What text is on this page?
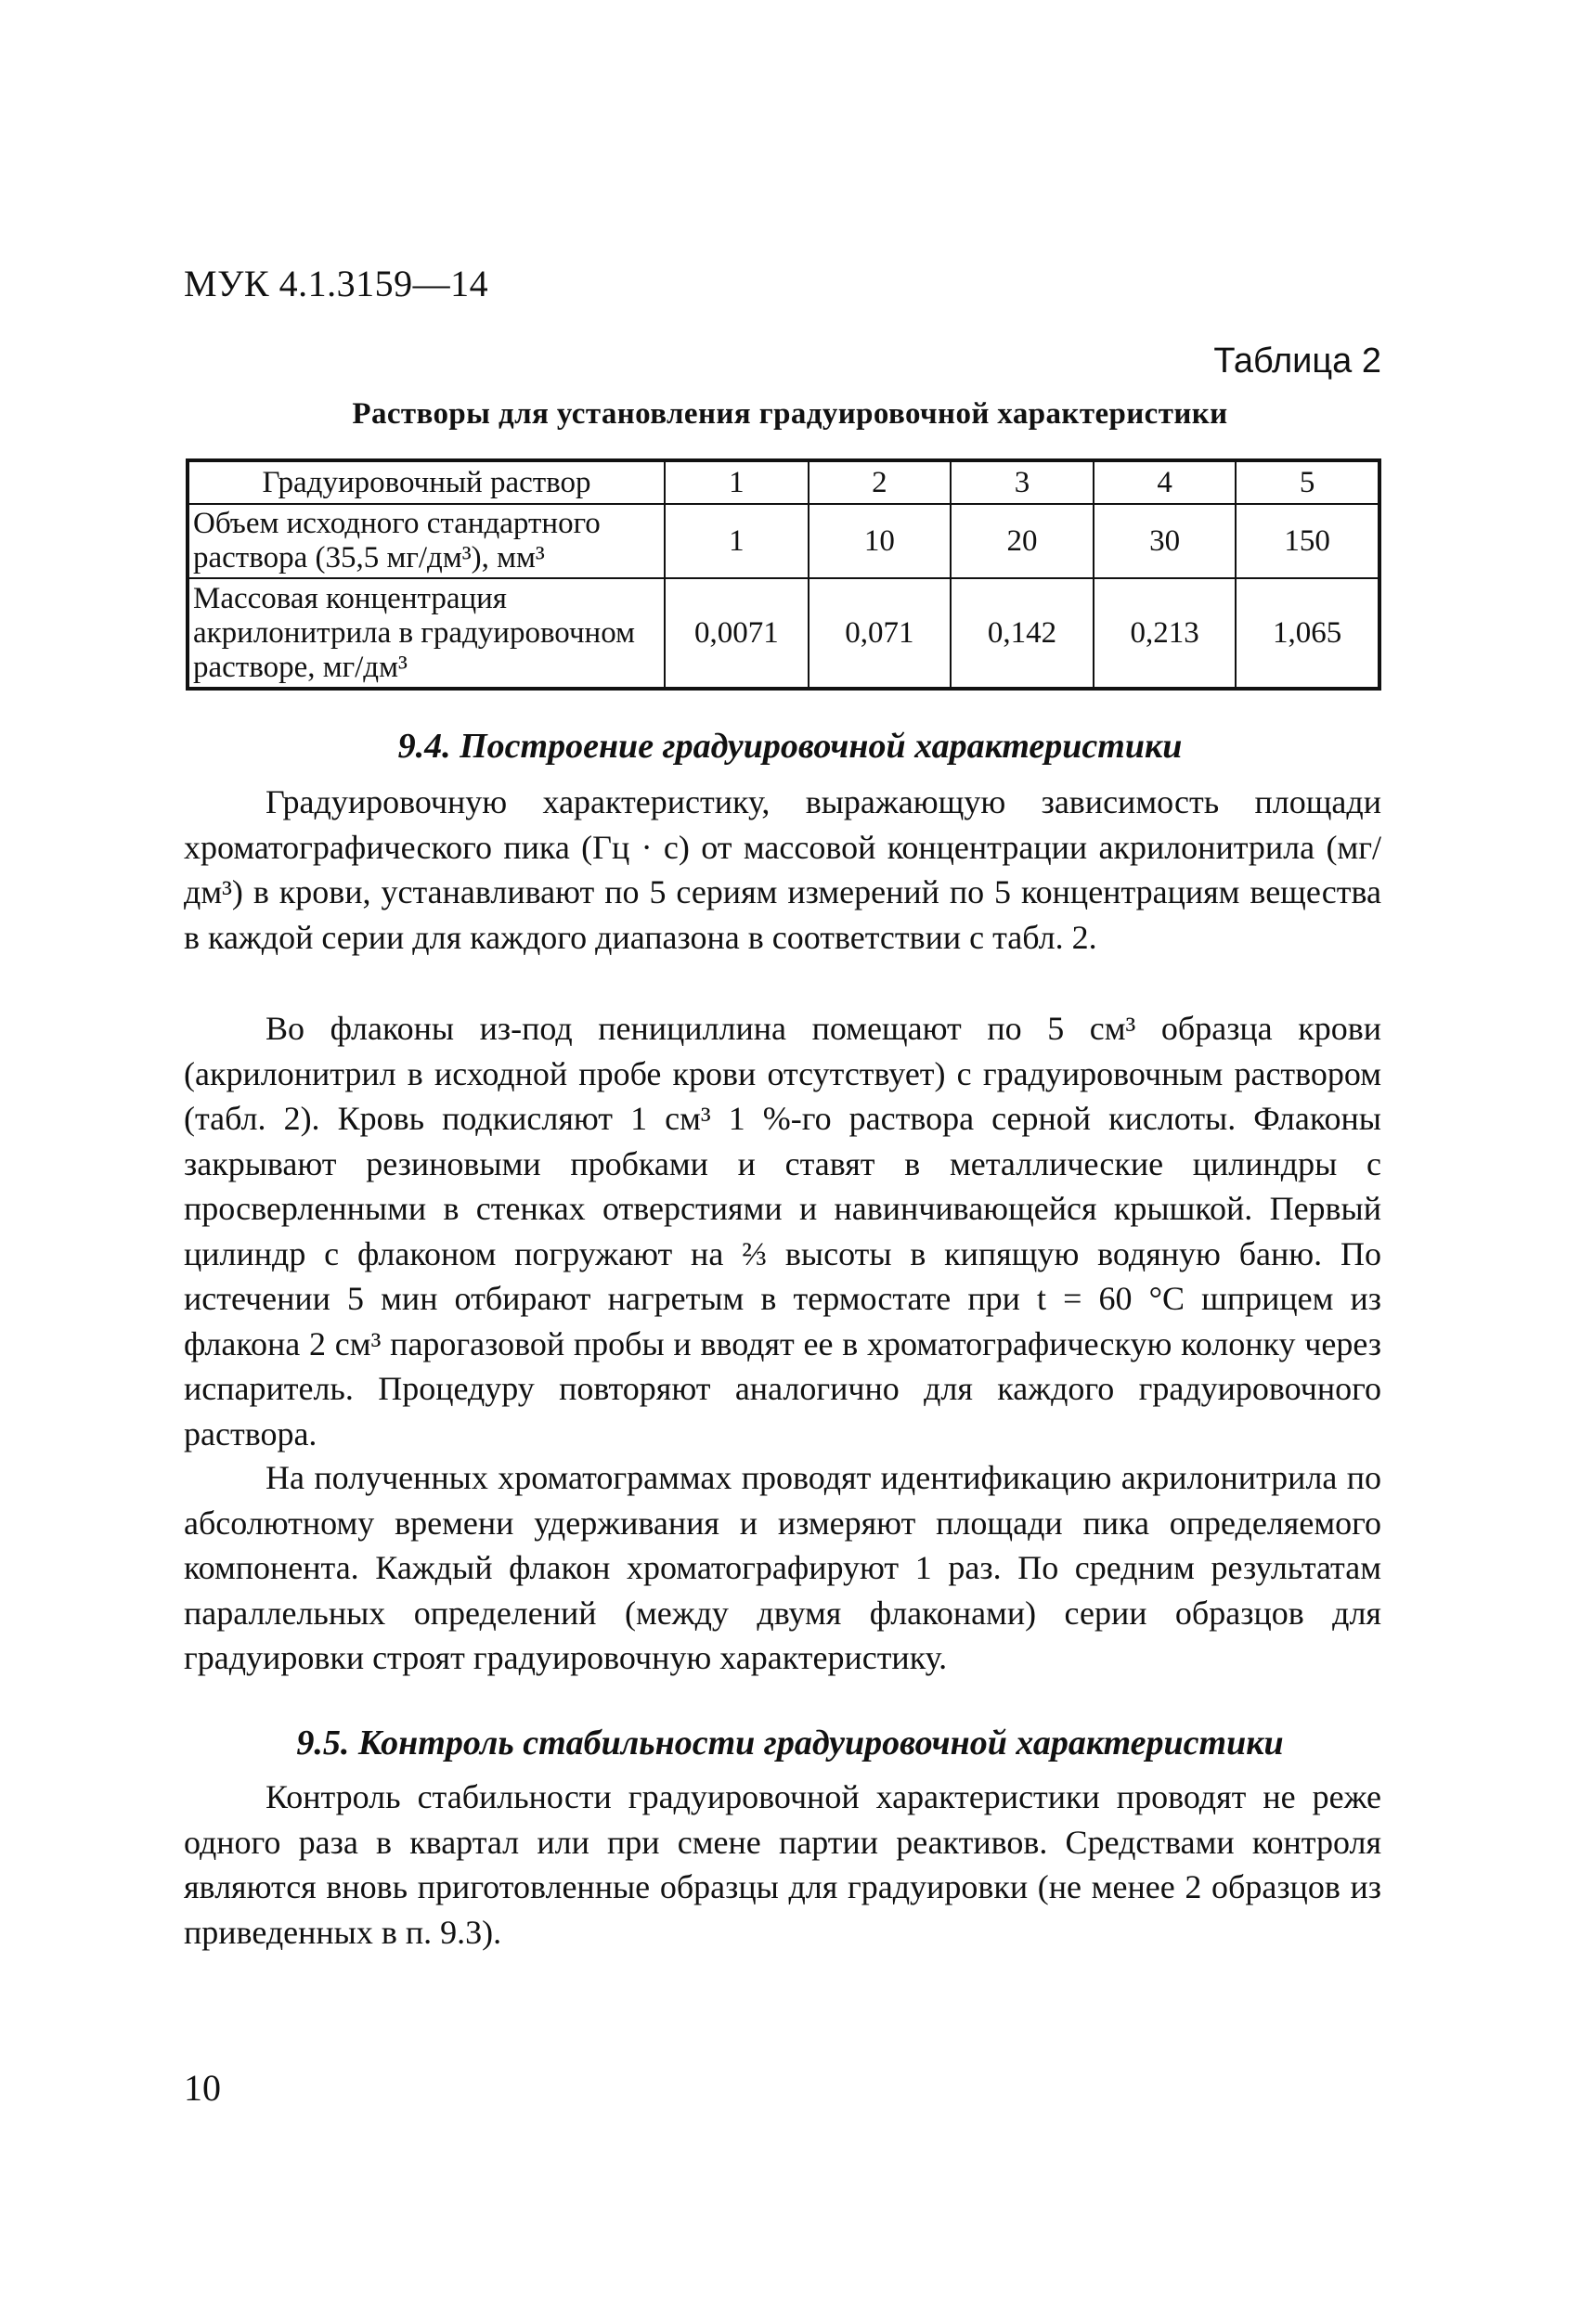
МУК 4.1.3159—14
Таблица 2
Растворы для установления градуировочной характеристики
Градуировочный раствор	1	2	3	4	5
Объем исходного стандартного раствора (35,5 мг/дм³), мм³	1	10	20	30	150
Массовая концентрация акрилонитрила в градуировочном растворе, мг/дм³	0,0071	0,071	0,142	0,213	1,065
9.4. Построение градуировочной характеристики

Градуировочную характеристику, выражающую зависимость площади хроматографического пика (Гц · с) от массовой концентрации акрилонитрила (мг/дм³) в крови, устанавливают по 5 сериям измерений по 5 концентрациям вещества в каждой серии для каждого диапазона в соответствии с табл. 2.

Во флаконы из-под пенициллина помещают по 5 см³ образца крови (акрилонитрил в исходной пробе крови отсутствует) с градуировочным раствором (табл. 2). Кровь подкисляют 1 см³ 1 %-го раствора серной кислоты. Флаконы закрывают резиновыми пробками и ставят в металлические цилиндры с просверленными в стенках отверстиями и навинчивающейся крышкой. Первый цилиндр с флаконом погружают на ⅔ высоты в кипящую водяную баню. По истечении 5 мин отбирают нагретым в термостате при t = 60 °С шприцем из флакона 2 см³ парогазовой пробы и вводят ее в хроматографическую колонку через испаритель. Процедуру повторяют аналогично для каждого градуировочного раствора.

На полученных хроматограммах проводят идентификацию акрилонитрила по абсолютному времени удерживания и измеряют площади пика определяемого компонента. Каждый флакон хроматографируют 1 раз. По средним результатам параллельных определений (между двумя флаконами) серии образцов для градуировки строят градуировочную характеристику.

9.5. Контроль стабильности градуировочной характеристики

Контроль стабильности градуировочной характеристики проводят не реже одного раза в квартал или при смене партии реактивов. Средствами контроля являются вновь приготовленные образцы для градуировки (не менее 2 образцов из приведенных в п. 9.3).

10
